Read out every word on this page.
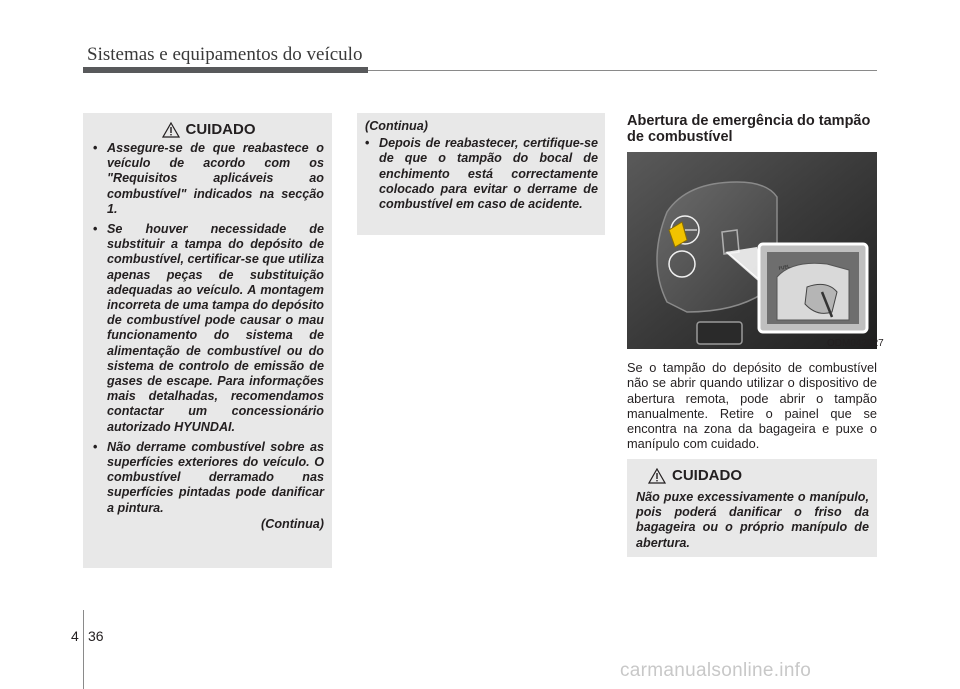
Sistemas e equipamentos do veículo
CUIDADO
• Assegure-se de que reabastece o veículo de acordo com os "Requisitos aplicáveis ao combustível" indicados na secção 1.
• Se houver necessidade de substituir a tampa do depósito de combustível, certificar-se que utiliza apenas peças de substituição adequadas ao veículo. A montagem incorreta de uma tampa do depósito de combustível pode causar o mau funcionamento do sistema de alimentação de combustível ou do sistema de controlo de emissão de gases de escape. Para informações mais detalhadas, recomendamos contactar um concessionário autorizado HYUNDAI.
• Não derrame combustível sobre as superfícies exteriores do veículo. O combustível derramado nas superfícies pintadas pode danificar a pintura.
(Continua)
(Continua)
• Depois de reabastecer, certifique-se de que o tampão do bocal de enchimento está correctamente colocado para evitar o derrame de combustível em caso de acidente.
Abertura de emergência do tampão de combustível
FUEL
ODM042027

Se o tampão do depósito de combustível não se abrir quando utilizar o dispositivo de abertura remota, pode abrir o tampão manualmente. Retire o painel que se encontra na zona da bagageira e puxe o manípulo com cuidado.

CUIDADO

Não puxe excessivamente o manípulo, pois poderá danificar o friso da bagageira ou o próprio manípulo de abertura.

4 36
carmanualsonline.info
